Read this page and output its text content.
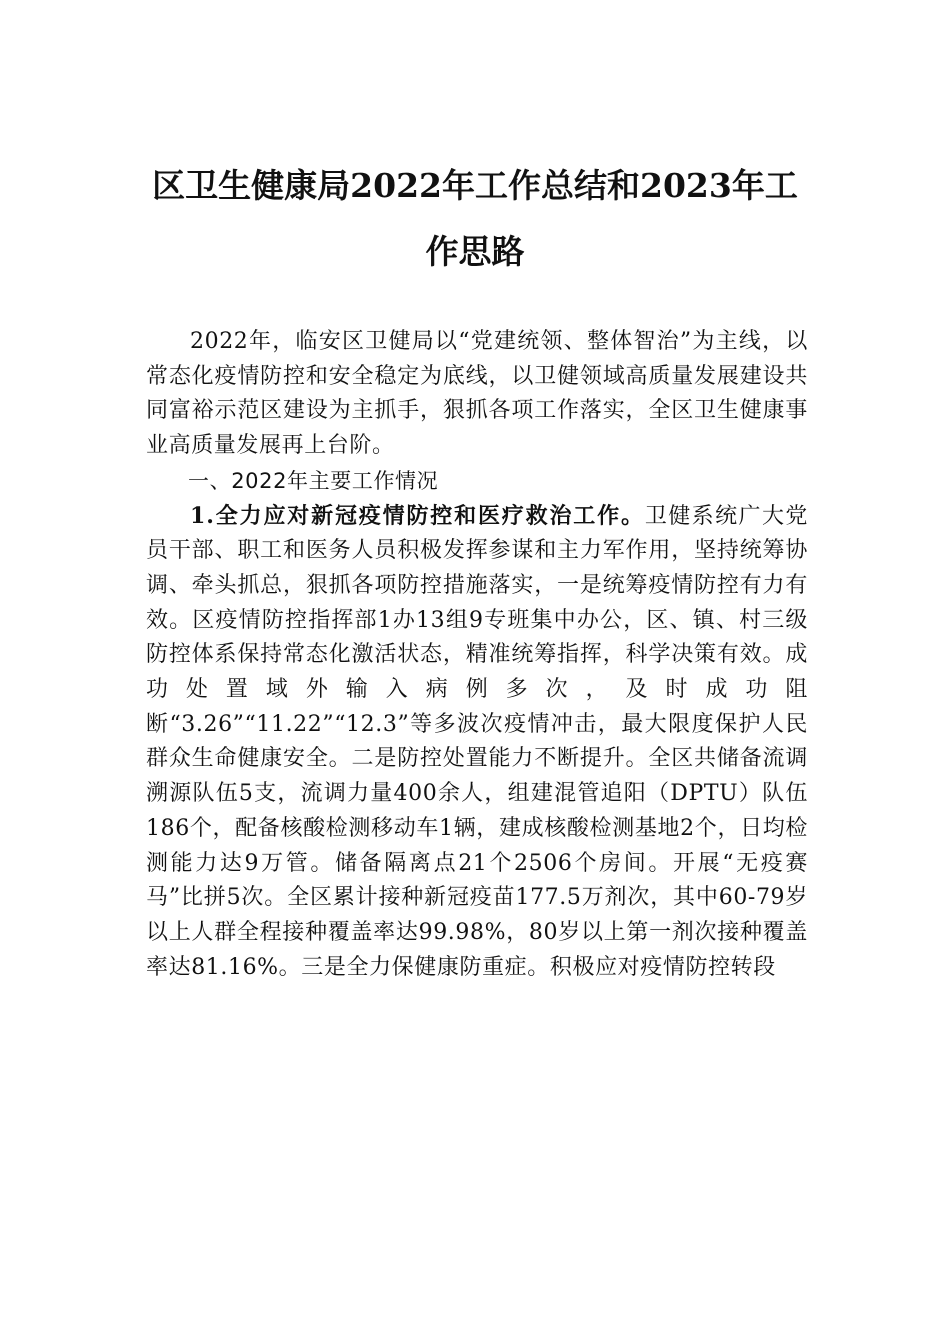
区卫生健康局2022年工作总结和2023年工作思路

2022年，临安区卫健局以“党建统领、整体智治”为主线，以常态化疫情防控和安全稳定为底线，以卫健领域高质量发展建设共同富裕示范区建设为主抓手，狠抓各项工作落实，全区卫生健康事业高质量发展再上台阶。

一、2022年主要工作情况

1.全力应对新冠疫情防控和医疗救治工作。卫健系统广大党员干部、职工和医务人员积极发挥参谋和主力军作用，坚持统筹协调、牵头抓总，狠抓各项防控措施落实，一是统筹疫情防控有力有效。区疫情防控指挥部1办13组9专班集中办公，区、镇、村三级防控体系保持常态化激活状态，精准统筹指挥，科学决策有效。成功处置域外输入病例多次，及时成功阻断“3.26”“11.22”“12.3”等多波次疫情冲击，最大限度保护人民群众生命健康安全。二是防控处置能力不断提升。全区共储备流调溯源队伍5支，流调力量400余人，组建混管追阳（DPTU）队伍186个，配备核酸检测移动车1辆，建成核酸检测基地2个，日均检测能力达9万管。储备隔离点21个2506个房间。开展“无疫赛马”比拼5次。全区累计接种新冠疫苗177.5万剂次，其中60-79岁以上人群全程接种覆盖率达99.98%，80岁以上第一剂次接种覆盖率达81.16%。三是全力保健康防重症。积极应对疫情防控转段
